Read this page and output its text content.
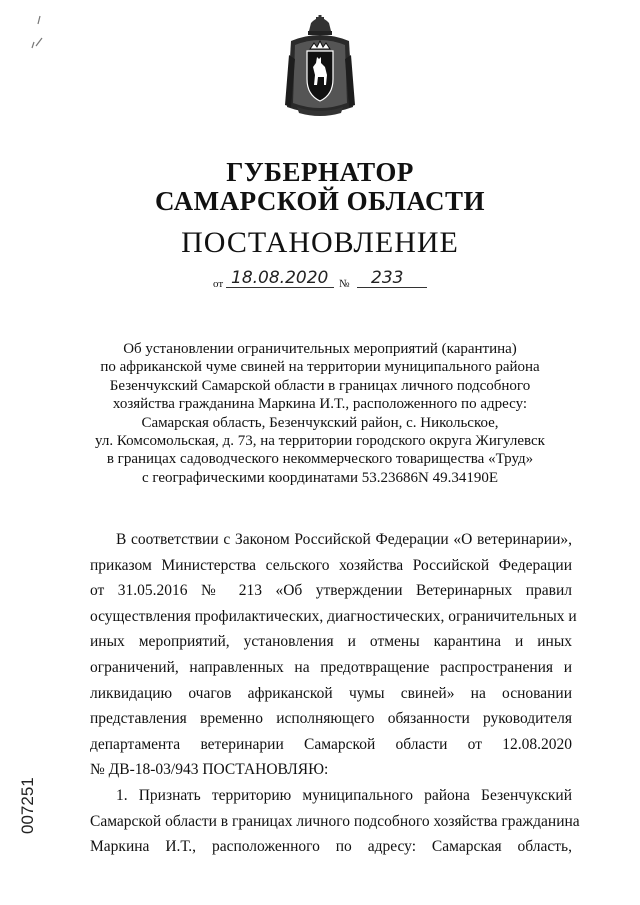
ГУБЕРНАТОР
САМАРСКОЙ ОБЛАСТИ
ПОСТАНОВЛЕНИЕ
от 18.08.2020 № 233
Об установлении ограничительных мероприятий (карантина)
по африканской чуме свиней на территории муниципального района
Безенчукский Самарской области в границах личного подсобного
хозяйства гражданина Маркина И.Т., расположенного по адресу:
Самарская область, Безенчукский район, с. Никольское,
ул. Комсомольская, д. 73, на территории городского округа Жигулевск
в границах садоводческого некоммерческого товарищества «Труд»
с географическими координатами 53.23686N 49.34190E
В соответствии с Законом Российской Федерации «О ветеринарии»,
приказом Министерства сельского хозяйства Российской Федерации
от 31.05.2016 № 213 «Об утверждении Ветеринарных правил
осуществления профилактических, диагностических, ограничительных и
иных мероприятий, установления и отмены карантина и иных
ограничений, направленных на предотвращение распространения и
ликвидацию очагов африканской чумы свиней» на основании
представления временно исполняющего обязанности руководителя
департамента ветеринарии Самарской области от 12.08.2020
№ ДВ-18-03/943 ПОСТАНОВЛЯЮ:
1. Признать территорию муниципального района Безенчукский
Самарской области в границах личного подсобного хозяйства гражданина
Маркина И.Т., расположенного по адресу: Самарская область,
007251
